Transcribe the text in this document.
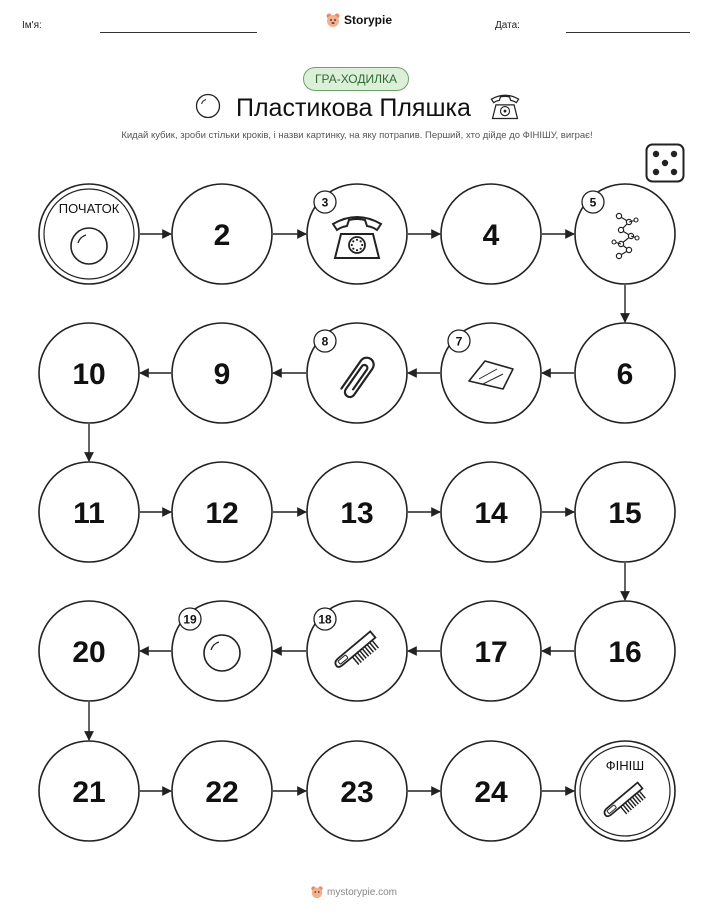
Ім'я:	Storypie	Дата:
ГРА-ХОДИЛКА
Пластикова Пляшка
Кидай кубик, зроби стільки кроків, і назви картинку, на яку потрапив. Перший, хто дійде до ФІНІШУ, виграє!
ПОЧАТОК
2
3
4
5
6
7
8
9
10
11	12	13	14	15
16
17
18
19
20
21	22	23	24
ФІНІШ
mystorypie.com
